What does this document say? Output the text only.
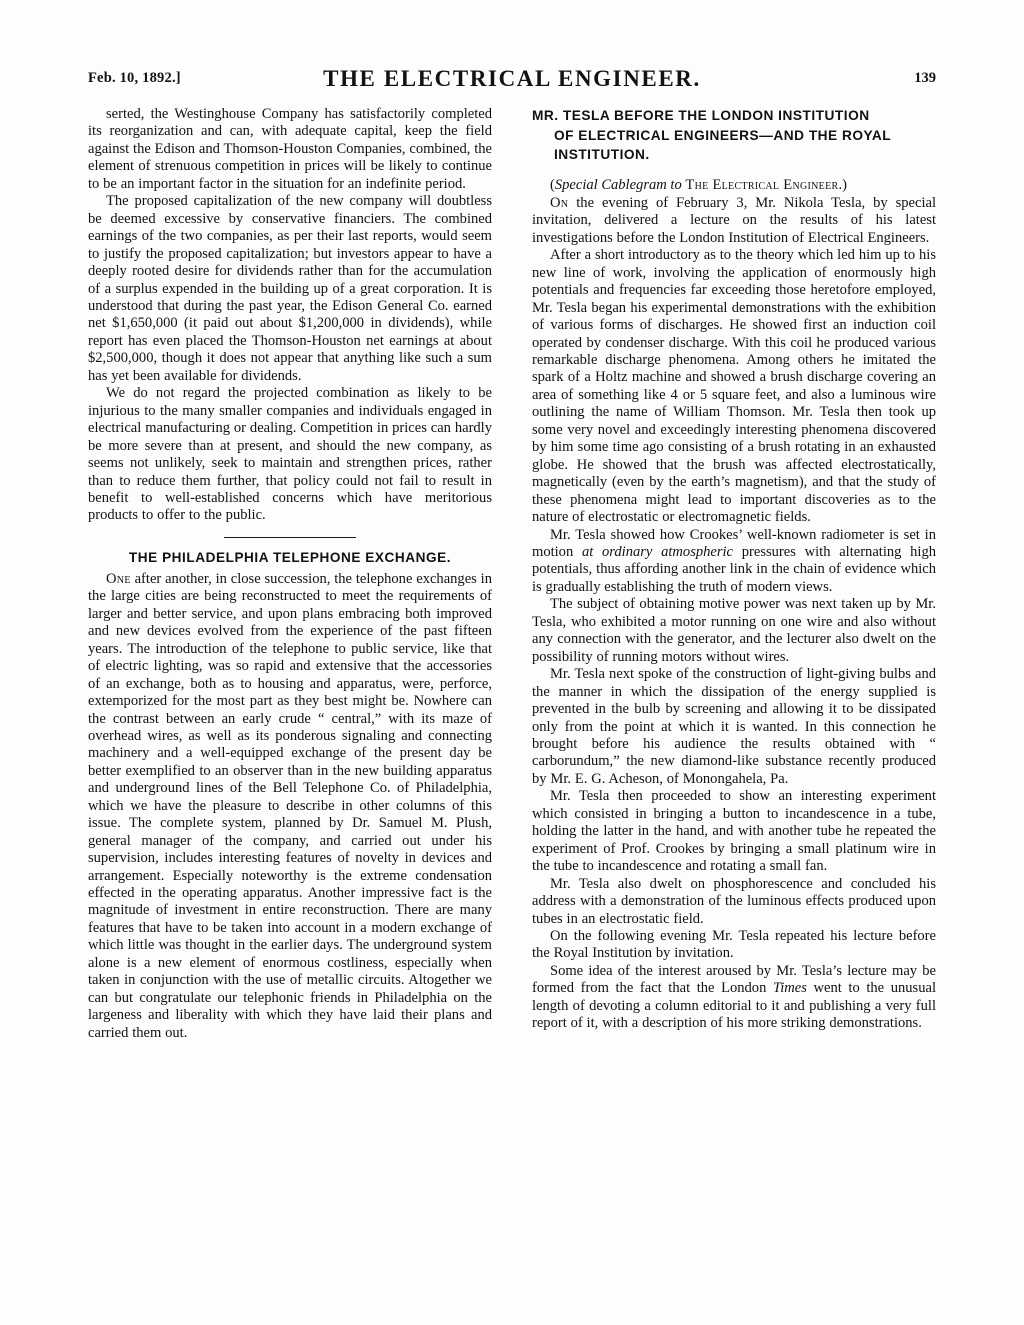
Feb. 10, 1892.]	THE ELECTRICAL ENGINEER.	139

serted, the Westinghouse Company has satisfactorily completed its reorganization and can, with adequate capital, keep the field against the Edison and Thomson-Houston Companies, combined, the element of strenuous competition in prices will be likely to continue to be an important factor in the situation for an indefinite period.

The proposed capitalization of the new company will doubtless be deemed excessive by conservative financiers. The combined earnings of the two companies, as per their last reports, would seem to justify the proposed capitalization; but investors appear to have a deeply rooted desire for dividends rather than for the accumulation of a surplus expended in the building up of a great corporation. It is understood that during the past year, the Edison General Co. earned net $1,650,000 (it paid out about $1,200,000 in dividends), while report has even placed the Thomson-Houston net earnings at about $2,500,000, though it does not appear that anything like such a sum has yet been available for dividends.

We do not regard the projected combination as likely to be injurious to the many smaller companies and individuals engaged in electrical manufacturing or dealing. Competition in prices can hardly be more severe than at present, and should the new company, as seems not unlikely, seek to maintain and strengthen prices, rather than to reduce them further, that policy could not fail to result in benefit to well-established concerns which have meritorious products to offer to the public.

THE PHILADELPHIA TELEPHONE EXCHANGE.

One after another, in close succession, the telephone exchanges in the large cities are being reconstructed to meet the requirements of larger and better service, and upon plans embracing both improved and new devices evolved from the experience of the past fifteen years. The introduction of the telephone to public service, like that of electric lighting, was so rapid and extensive that the accessories of an exchange, both as to housing and apparatus, were, perforce, extemporized for the most part as they best might be. Nowhere can the contrast between an early crude “ central,” with its maze of overhead wires, as well as its ponderous signaling and connecting machinery and a well-equipped exchange of the present day be better exemplified to an observer than in the new building apparatus and underground lines of the Bell Telephone Co. of Philadelphia, which we have the pleasure to describe in other columns of this issue. The complete system, planned by Dr. Samuel M. Plush, general manager of the company, and carried out under his supervision, includes interesting features of novelty in devices and arrangement. Especially noteworthy is the extreme condensation effected in the operating apparatus. Another impressive fact is the magnitude of investment in entire reconstruction. There are many features that have to be taken into account in a modern exchange of which little was thought in the earlier days. The underground system alone is a new element of enormous costliness, especially when taken in conjunction with the use of metallic circuits. Altogether we can but congratulate our telephonic friends in Philadelphia on the largeness and liberality with which they have laid their plans and carried them out.

MR. TESLA BEFORE THE LONDON INSTITUTION
OF ELECTRICAL ENGINEERS—AND THE ROYAL
INSTITUTION.

(Special Cablegram to The Electrical Engineer.)

On the evening of February 3, Mr. Nikola Tesla, by special invitation, delivered a lecture on the results of his latest investigations before the London Institution of Electrical Engineers.

After a short introductory as to the theory which led him up to his new line of work, involving the application of enormously high potentials and frequencies far exceeding those heretofore employed, Mr. Tesla began his experimental demonstrations with the exhibition of various forms of discharges. He showed first an induction coil operated by condenser discharge. With this coil he produced various remarkable discharge phenomena. Among others he imitated the spark of a Holtz machine and showed a brush discharge covering an area of something like 4 or 5 square feet, and also a luminous wire outlining the name of William Thomson. Mr. Tesla then took up some very novel and exceedingly interesting phenomena discovered by him some time ago consisting of a brush rotating in an exhausted globe. He showed that the brush was affected electrostatically, magnetically (even by the earth’s magnetism), and that the study of these phenomena might lead to important discoveries as to the nature of electrostatic or electromagnetic fields.

Mr. Tesla showed how Crookes’ well-known radiometer is set in motion at ordinary atmospheric pressures with alternating high potentials, thus affording another link in the chain of evidence which is gradually establishing the truth of modern views.

The subject of obtaining motive power was next taken up by Mr. Tesla, who exhibited a motor running on one wire and also without any connection with the generator, and the lecturer also dwelt on the possibility of running motors without wires.

Mr. Tesla next spoke of the construction of light-giving bulbs and the manner in which the dissipation of the energy supplied is prevented in the bulb by screening and allowing it to be dissipated only from the point at which it is wanted. In this connection he brought before his audience the results obtained with “ carborundum,” the new diamond-like substance recently produced by Mr. E. G. Acheson, of Monongahela, Pa.

Mr. Tesla then proceeded to show an interesting experiment which consisted in bringing a button to incandescence in a tube, holding the latter in the hand, and with another tube he repeated the experiment of Prof. Crookes by bringing a small platinum wire in the tube to incandescence and rotating a small fan.

Mr. Tesla also dwelt on phosphorescence and concluded his address with a demonstration of the luminous effects produced upon tubes in an electrostatic field.

On the following evening Mr. Tesla repeated his lecture before the Royal Institution by invitation.

Some idea of the interest aroused by Mr. Tesla’s lecture may be formed from the fact that the London Times went to the unusual length of devoting a column editorial to it and publishing a very full report of it, with a description of his more striking demonstrations.
